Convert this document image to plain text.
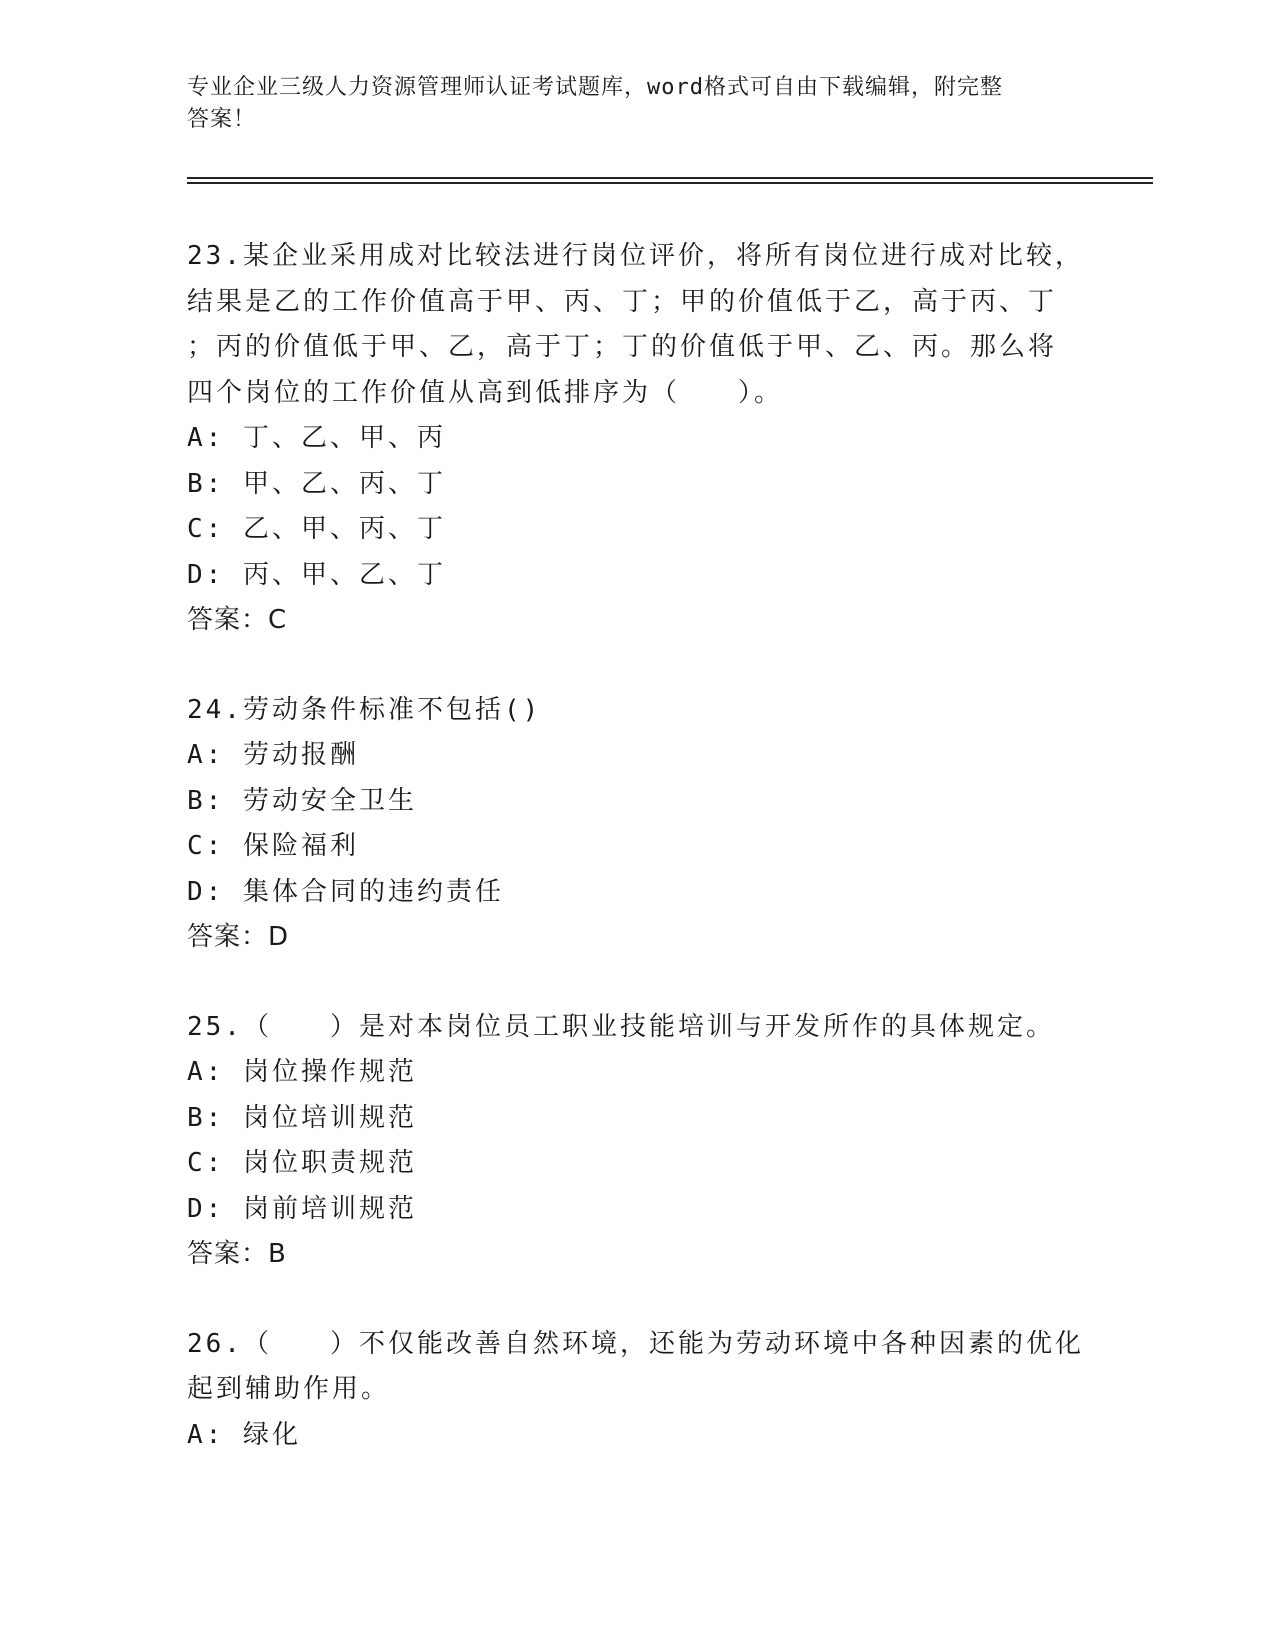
专业企业三级人力资源管理师认证考试题库，word格式可自由下载编辑，附完整
答案！
23.某企业采用成对比较法进行岗位评价，将所有岗位进行成对比较，
结果是乙的工作价值高于甲、丙、丁；甲的价值低于乙，高于丙、丁
；丙的价值低于甲、乙，高于丁；丁的价值低于甲、乙、丙。那么将
四个岗位的工作价值从高到低排序为（　　）。
A: 丁、乙、甲、丙
B: 甲、乙、丙、丁
C: 乙、甲、丙、丁
D: 丙、甲、乙、丁
答案：C
24.劳动条件标准不包括()
A: 劳动报酬
B: 劳动安全卫生
C: 保险福利
D: 集体合同的违约责任
答案：D
25.（　　）是对本岗位员工职业技能培训与开发所作的具体规定。
A: 岗位操作规范
B: 岗位培训规范
C: 岗位职责规范
D: 岗前培训规范
答案：B
26.（　　）不仅能改善自然环境，还能为劳动环境中各种因素的优化
起到辅助作用。
A: 绿化
